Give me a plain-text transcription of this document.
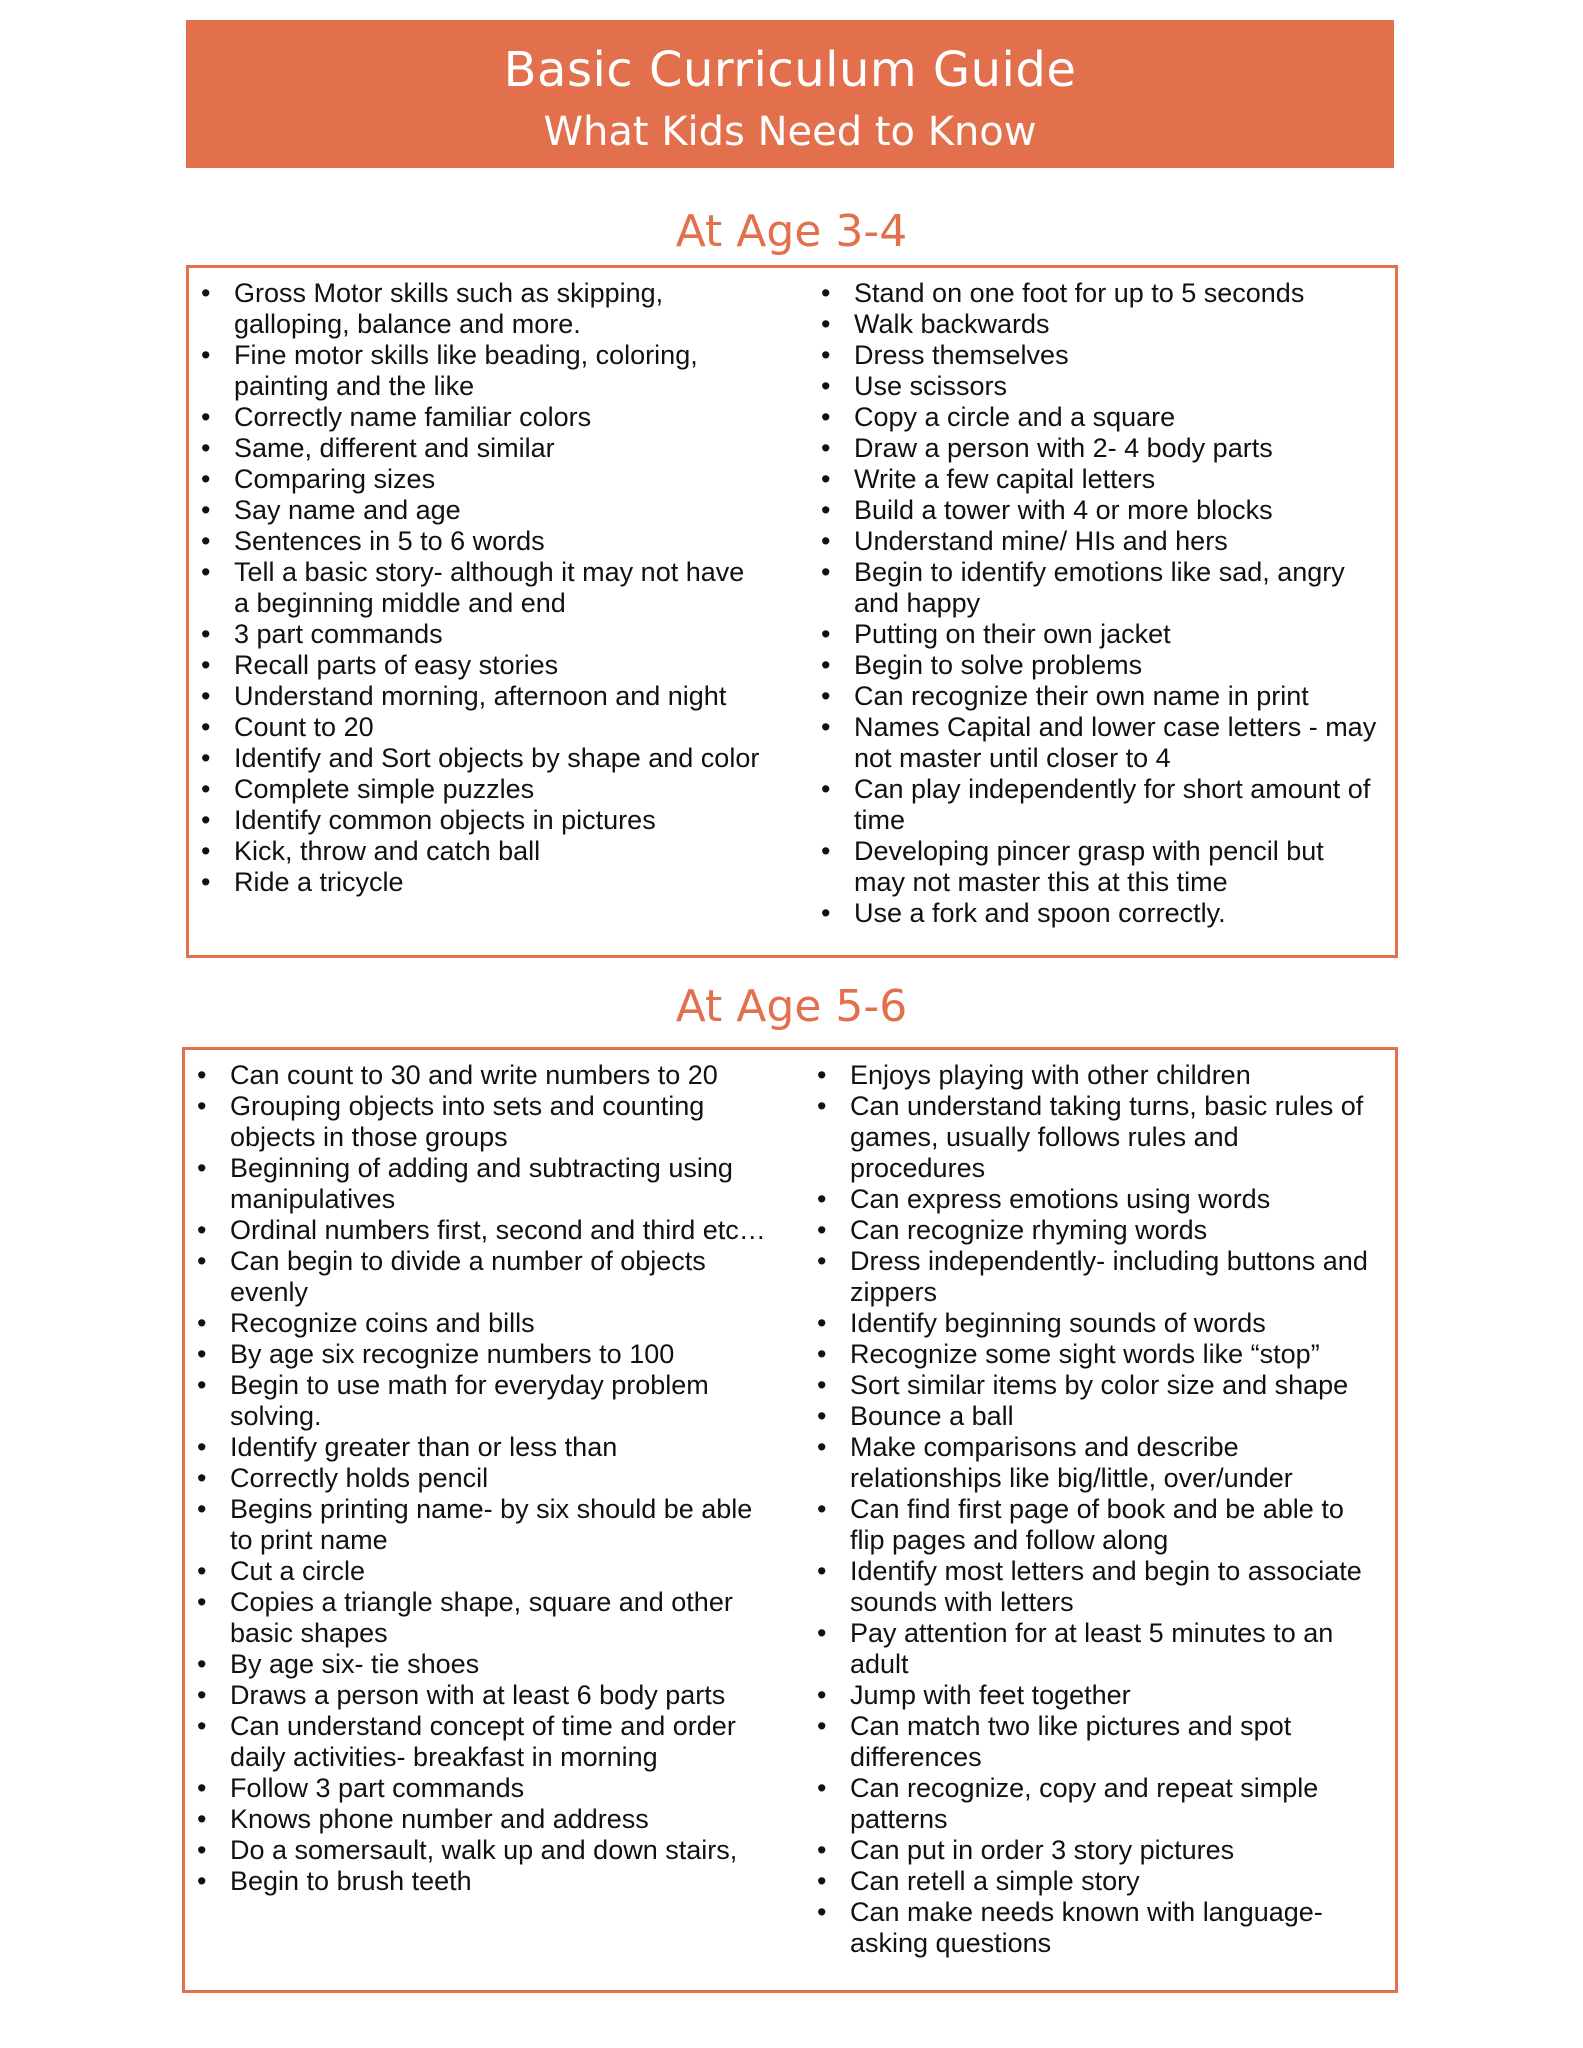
Basic Curriculum Guide
What Kids Need to Know
At Age 3-4
• Gross Motor skills such as skipping, galloping, balance and more.
• Fine motor skills like beading, coloring, painting and the like
• Correctly name familiar colors
• Same, different and similar
• Comparing sizes
• Say name and age
• Sentences in 5 to 6 words
• Tell a basic story- although it may not have a beginning middle and end
• 3 part commands
• Recall parts of easy stories
• Understand morning, afternoon and night
• Count to 20
• Identify and Sort objects by shape and color
• Complete simple puzzles
• Identify common objects in pictures
• Kick, throw and catch ball
• Ride a tricycle
• Stand on one foot for up to 5 seconds
• Walk backwards
• Dress themselves
• Use scissors
• Copy a circle and a square
• Draw a person with 2- 4 body parts
• Write a few capital letters
• Build a tower with 4 or more blocks
• Understand mine/ HIs and hers
• Begin to identify emotions like sad, angry and happy
• Putting on their own jacket
• Begin to solve problems
• Can recognize their own name in print
• Names Capital and lower case letters - may not master until closer to 4
• Can play independently for short amount of time
• Developing pincer grasp with pencil but may not master this at this time
• Use a fork and spoon correctly.
At Age 5-6
• Can count to 30 and write numbers to 20
• Grouping objects into sets and counting objects in those groups
• Beginning of adding and subtracting using manipulatives
• Ordinal numbers first, second and third etc…
• Can begin to divide a number of objects evenly
• Recognize coins and bills
• By age six recognize numbers to 100
• Begin to use math for everyday problem solving.
• Identify greater than or less than
• Correctly holds pencil
• Begins printing name- by six should be able to print name
• Cut a circle
• Copies a triangle shape, square and other basic shapes
• By age six- tie shoes
• Draws a person with at least 6 body parts
• Can understand concept of time and order daily activities- breakfast in morning
• Follow 3 part commands
• Knows phone number and address
• Do a somersault, walk up and down stairs,
• Begin to brush teeth
• Enjoys playing with other children
• Can understand taking turns, basic rules of games, usually follows rules and procedures
• Can express emotions using words
• Can recognize rhyming words
• Dress independently- including buttons and zippers
• Identify beginning sounds of words
• Recognize some sight words like “stop”
• Sort similar items by color size and shape
• Bounce a ball
• Make comparisons and describe relationships like big/little, over/under
• Can find first page of book and be able to flip pages and follow along
• Identify most letters and begin to associate sounds with letters
• Pay attention for at least 5 minutes to an adult
• Jump with feet together
• Can match two like pictures and spot differences
• Can recognize, copy and repeat simple patterns
• Can put in order 3 story pictures
• Can retell a simple story
• Can make needs known with language- asking questions
